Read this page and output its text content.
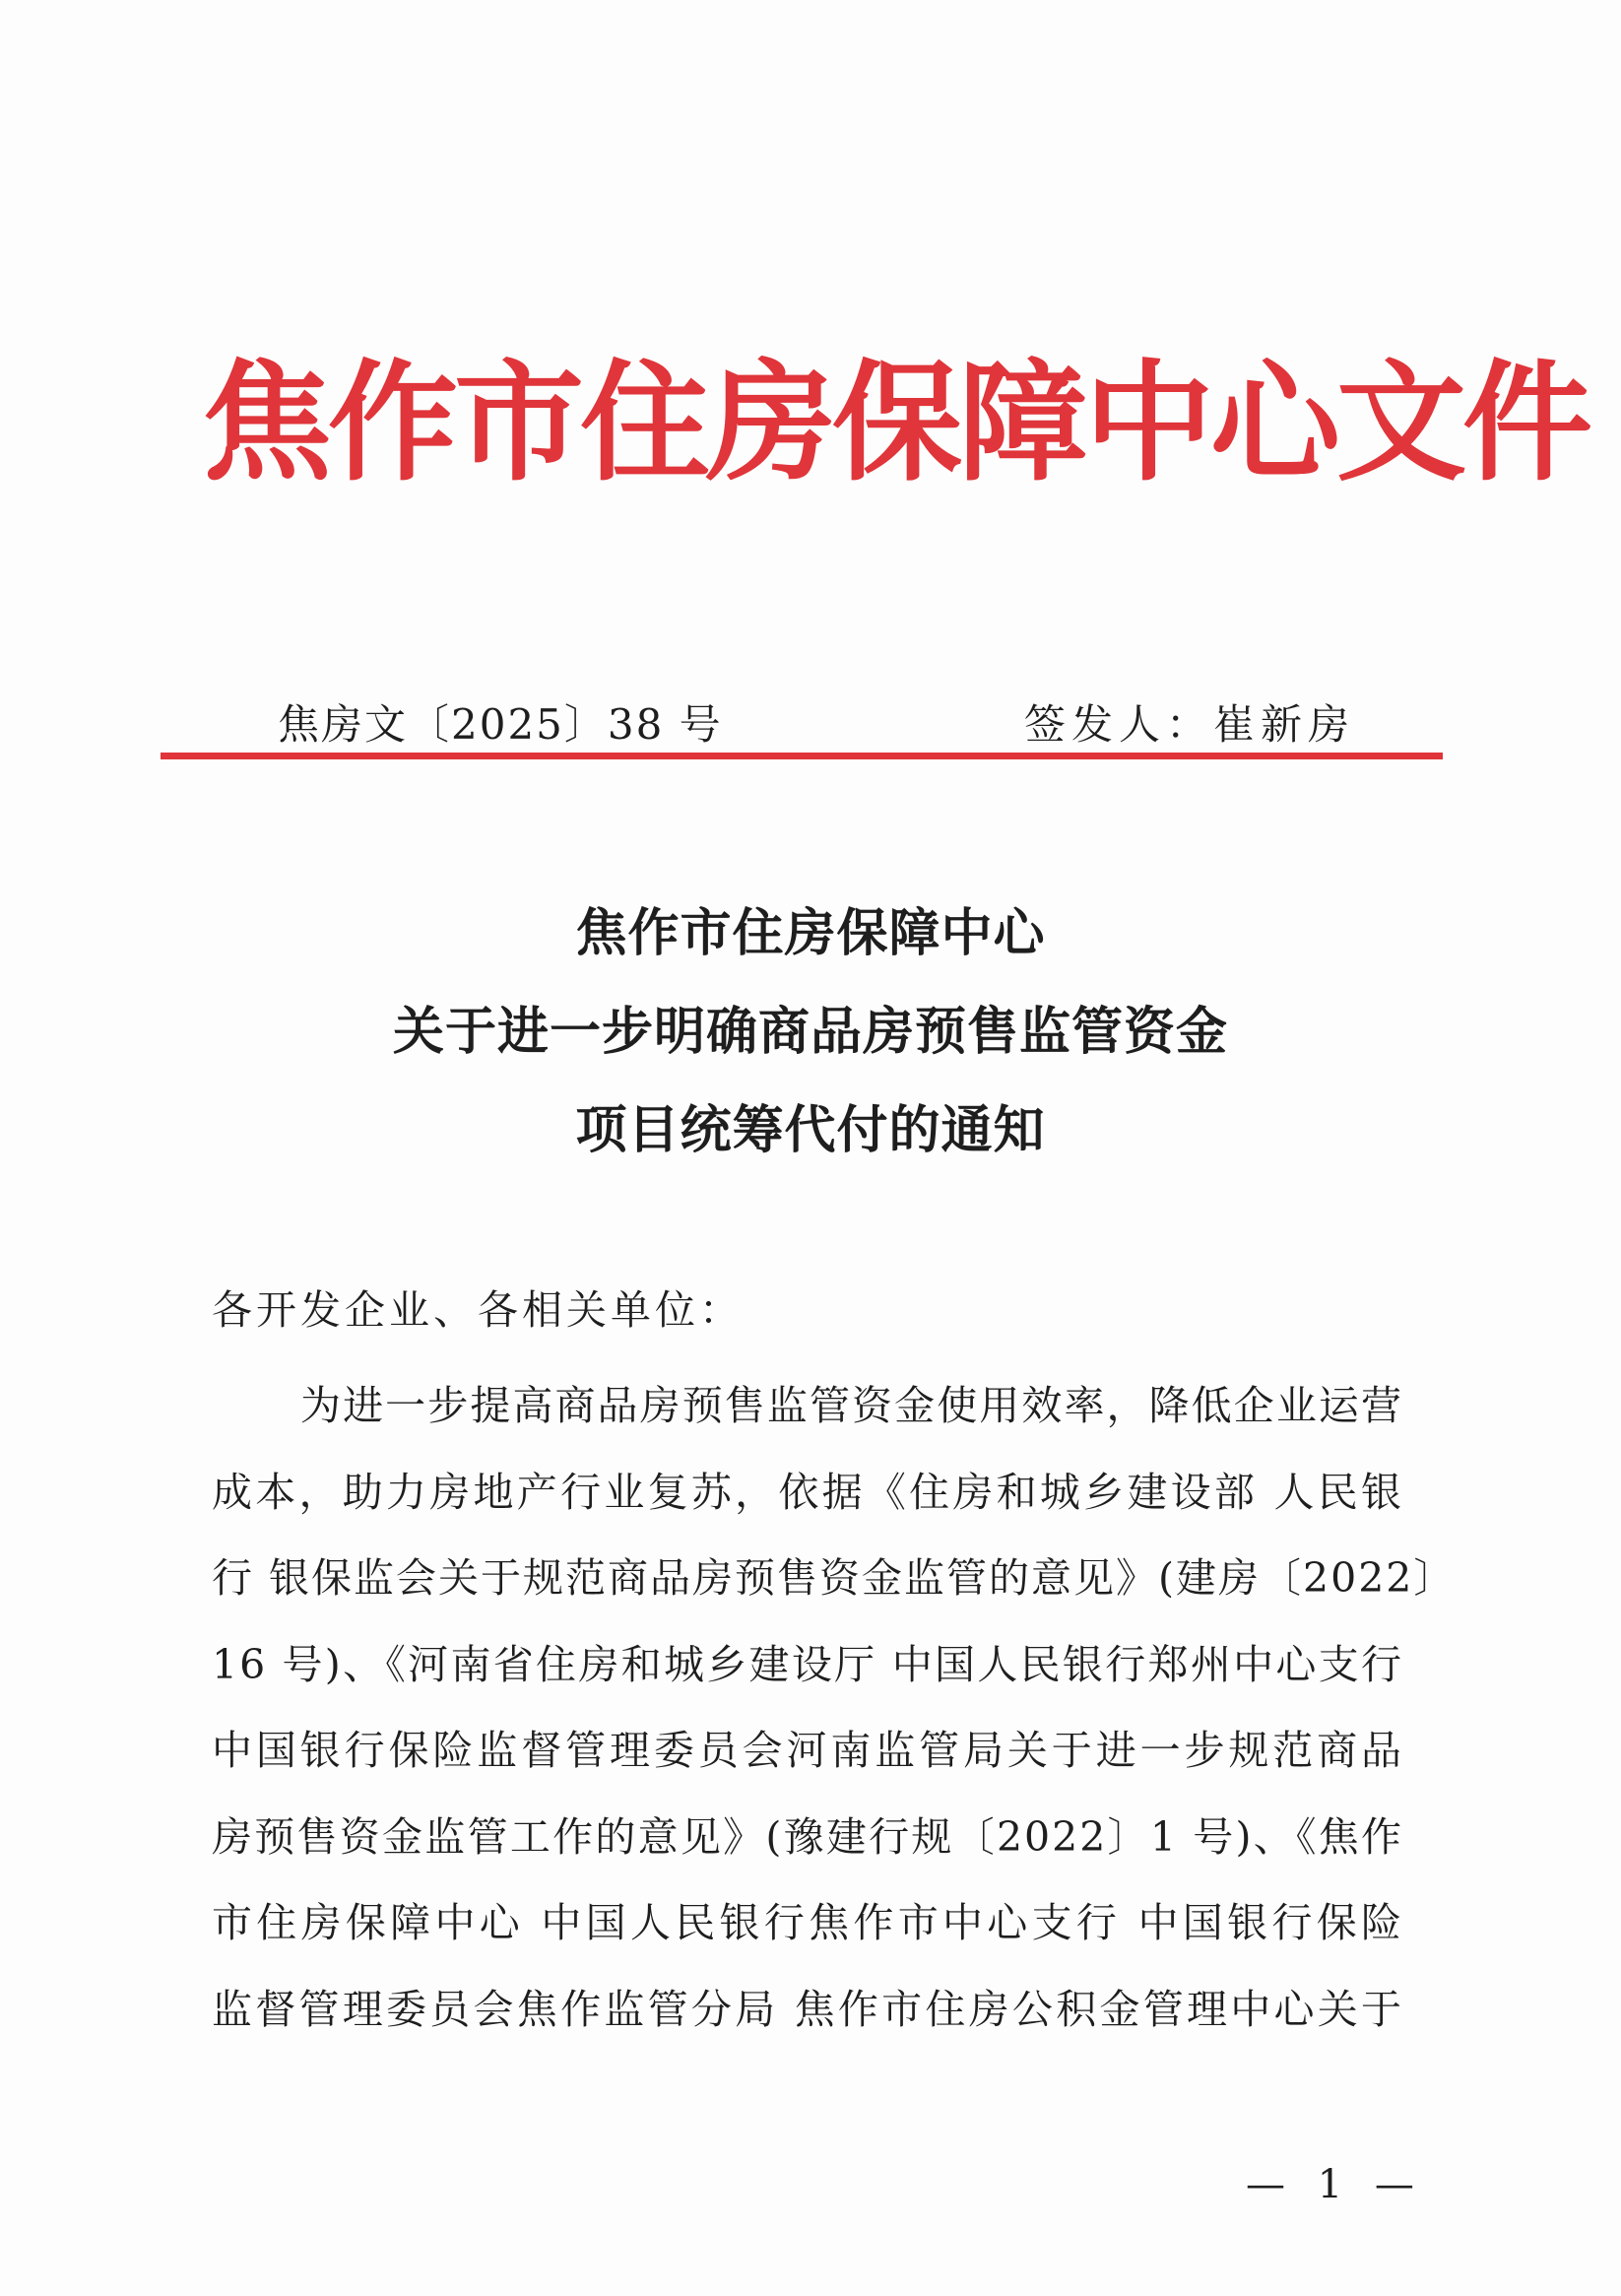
焦作市住房保障中心文件
焦房文〔2025〕38 号	签发人：崔新房
焦作市住房保障中心
关于进一步明确商品房预售监管资金
项目统筹代付的通知
各开发企业、各相关单位：
为进一步提高商品房预售监管资金使用效率，降低企业运营
成本，助力房地产行业复苏，依据《住房和城乡建设部 人民银
行 银保监会关于规范商品房预售资金监管的意见》(建房〔2022〕
16 号)、《河南省住房和城乡建设厅 中国人民银行郑州中心支行
中国银行保险监督管理委员会河南监管局关于进一步规范商品
房预售资金监管工作的意见》(豫建行规〔2022〕1 号)、《焦作
市住房保障中心 中国人民银行焦作市中心支行 中国银行保险
监督管理委员会焦作监管分局 焦作市住房公积金管理中心关于
— 1 —
